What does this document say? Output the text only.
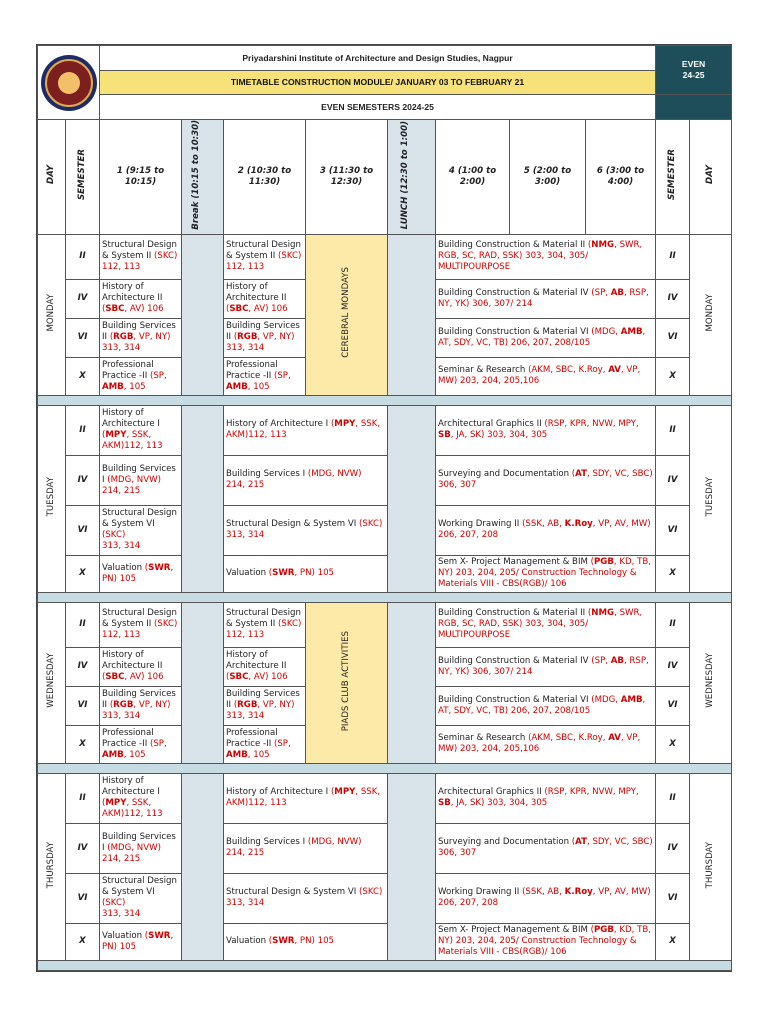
		Priyadarshini Institute of Architecture and Design Studies, Nagpur								EVEN
24-25	

		TIMETABLE CONSTRUCTION MODULE/ JANUARY 03 TO FEBRUARY 21									
		EVEN SEMESTERS 2024-25									
DAY	SEMESTER	1 (9:15 to 10:15)	Break (10:15 to 10:30)	2 (10:30 to 11:30)	3 (11:30 to 12:30)	LUNCH (12:30 to 1:00)	4 (1:00 to 2:00)	5 (2:00 to 3:00)	6 (3:00 to 4:00)	SEMESTER	DAY
MONDAY	II	Structural Design & System II (SKC)
112, 113		Structural Design & System II (SKC)
112, 113	CEREBRAL MONDAYS		Building Construction & Material II (NMG, SWR, RGB, SC, RAD, SSK) 303, 304, 305/ MULTIPOURPOSE			II	MONDAY
	IV	History of Architecture II (SBC, AV) 106		History of Architecture II (SBC, AV) 106			Building Construction & Material IV (SP, AB, RSP, NY, YK) 306, 307/ 214			IV	
	VI	Building Services II (RGB, VP, NY) 313, 314		Building Services II (RGB, VP, NY) 313, 314			Building Construction & Material VI (MDG, AMB, AT, SDY, VC, TB) 206, 207, 208/105			VI	
	X	Professional Practice -II (SP, AMB, 105		Professional Practice -II (SP, AMB, 105			Seminar & Research (AKM, SBC, K.Roy, AV, VP, MW) 203, 204, 205,106			X	

TUESDAY	II	History of Architecture I (MPY, SSK, AKM)112, 113		History of Architecture I (MPY, SSK, AKM)112, 113			Architectural Graphics II (RSP, KPR, NVW, MPY, SB, JA, SK) 303, 304, 305			II	TUESDAY
	IV	Building Services I (MDG, NVW)
214, 215		Building Services I (MDG, NVW)
214, 215			Surveying and Documentation (AT, SDY, VC, SBC) 306, 307			IV	
	VI	Structural Design & System VI (SKC)
313, 314		Structural Design & System VI (SKC) 313, 314			Working Drawing II (SSK, AB, K.Roy, VP, AV, MW) 206, 207, 208			VI	
	X	Valuation (SWR, PN) 105		Valuation (SWR, PN) 105			Sem X- Project Management & BIM (PGB, KD, TB, NY) 203, 204, 205/ Construction Technology & Materials VIII - CBS(RGB)/ 106			X	

WEDNESDAY	II	Structural Design & System II (SKC)
112, 113		Structural Design & System II (SKC)
112, 113	PIADS CLUB ACTIVITIES		Building Construction & Material II (NMG, SWR, RGB, SC, RAD, SSK) 303, 304, 305/ MULTIPOURPOSE			II	WEDNESDAY
	IV	History of Architecture II (SBC, AV) 106		History of Architecture II (SBC, AV) 106			Building Construction & Material IV (SP, AB, RSP, NY, YK) 306, 307/ 214			IV	
	VI	Building Services II (RGB, VP, NY) 313, 314		Building Services II (RGB, VP, NY) 313, 314			Building Construction & Material VI (MDG, AMB, AT, SDY, VC, TB) 206, 207, 208/105			VI	
	X	Professional Practice -II (SP, AMB, 105		Professional Practice -II (SP, AMB, 105			Seminar & Research (AKM, SBC, K.Roy, AV, VP, MW) 203, 204, 205,106			X	

THURSDAY	II	History of Architecture I (MPY, SSK, AKM)112, 113		History of Architecture I (MPY, SSK, AKM)112, 113			Architectural Graphics II (RSP, KPR, NVW, MPY, SB, JA, SK) 303, 304, 305			II	THURSDAY
	IV	Building Services I (MDG, NVW)
214, 215		Building Services I (MDG, NVW)
214, 215			Surveying and Documentation (AT, SDY, VC, SBC) 306, 307			IV	
	VI	Structural Design & System VI (SKC)
313, 314		Structural Design & System VI (SKC) 313, 314			Working Drawing II (SSK, AB, K.Roy, VP, AV, MW) 206, 207, 208			VI	
	X	Valuation (SWR, PN) 105		Valuation (SWR, PN) 105			Sem X- Project Management & BIM (PGB, KD, TB, NY) 203, 204, 205/ Construction Technology & Materials VIII - CBS(RGB)/ 106			X	
